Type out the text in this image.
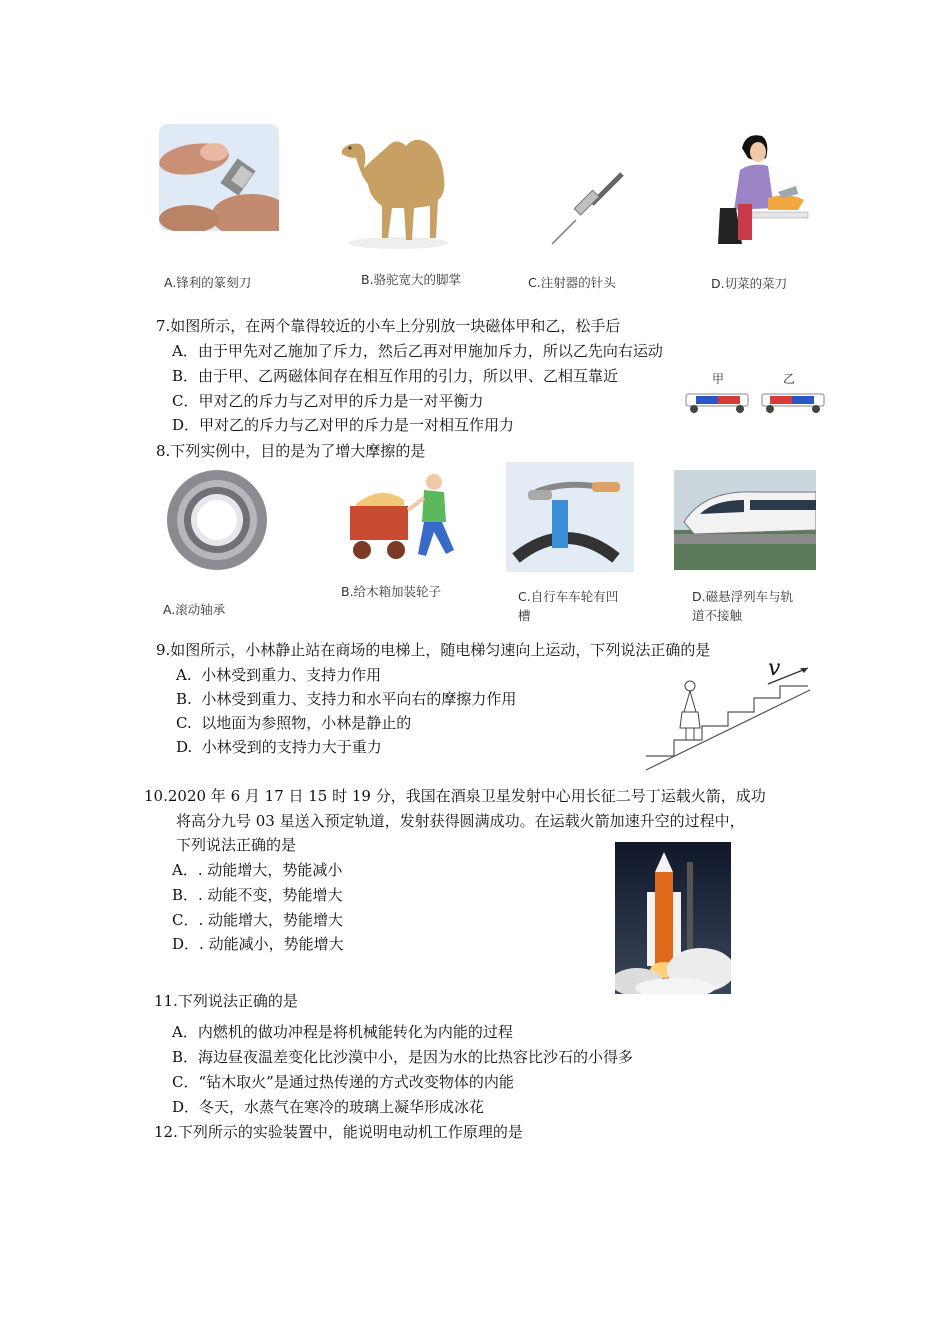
A.锋利的篆刻刀	B.骆驼宽大的脚掌	C.注射器的针头	D.切菜的菜刀
7.如图所示，在两个靠得较近的小车上分别放一块磁体甲和乙，松手后
A．由于甲先对乙施加了斥力，然后乙再对甲施加斥力，所以乙先向右运动
B．由于甲、乙两磁体间存在相互作用的引力，所以甲、乙相互靠近
C．甲对乙的斥力与乙对甲的斥力是一对平衡力
D．甲对乙的斥力与乙对甲的斥力是一对相互作用力
甲	乙
8.下列实例中，目的是为了增大摩擦的是
A.滚动轴承
B.给木箱加装轮子	C.自行车车轮有凹槽
D.磁悬浮列车与轨道不接触
9.如图所示，小林静止站在商场的电梯上，随电梯匀速向上运动，下列说法正确的是
A.  小林受到重力、支持力作用
B.  小林受到重力、支持力和水平向右的摩擦力作用
C.  以地面为参照物，小林是静止的
D.  小林受到的支持力大于重力
v
10.2020 年 6 月 17 日 15 时 19 分，我国在酒泉卫星发射中心用长征二号丁运载火箭，成功
将高分九号 03 星送入预定轨道，发射获得圆满成功。在运载火箭加速升空的过程中，
下列说法正确的是
A．. 动能增大，势能减小
B．. 动能不变，势能增大
C．. 动能增大，势能增大
D．. 动能减小，势能增大
11.下列说法正确的是
A．内燃机的做功冲程是将机械能转化为内能的过程
B．海边昼夜温差变化比沙漠中小，是因为水的比热容比沙石的小得多
C．“钻木取火”是通过热传递的方式改变物体的内能
D．冬天，水蒸气在寒冷的玻璃上凝华形成冰花
12.下列所示的实验装置中，能说明电动机工作原理的是
